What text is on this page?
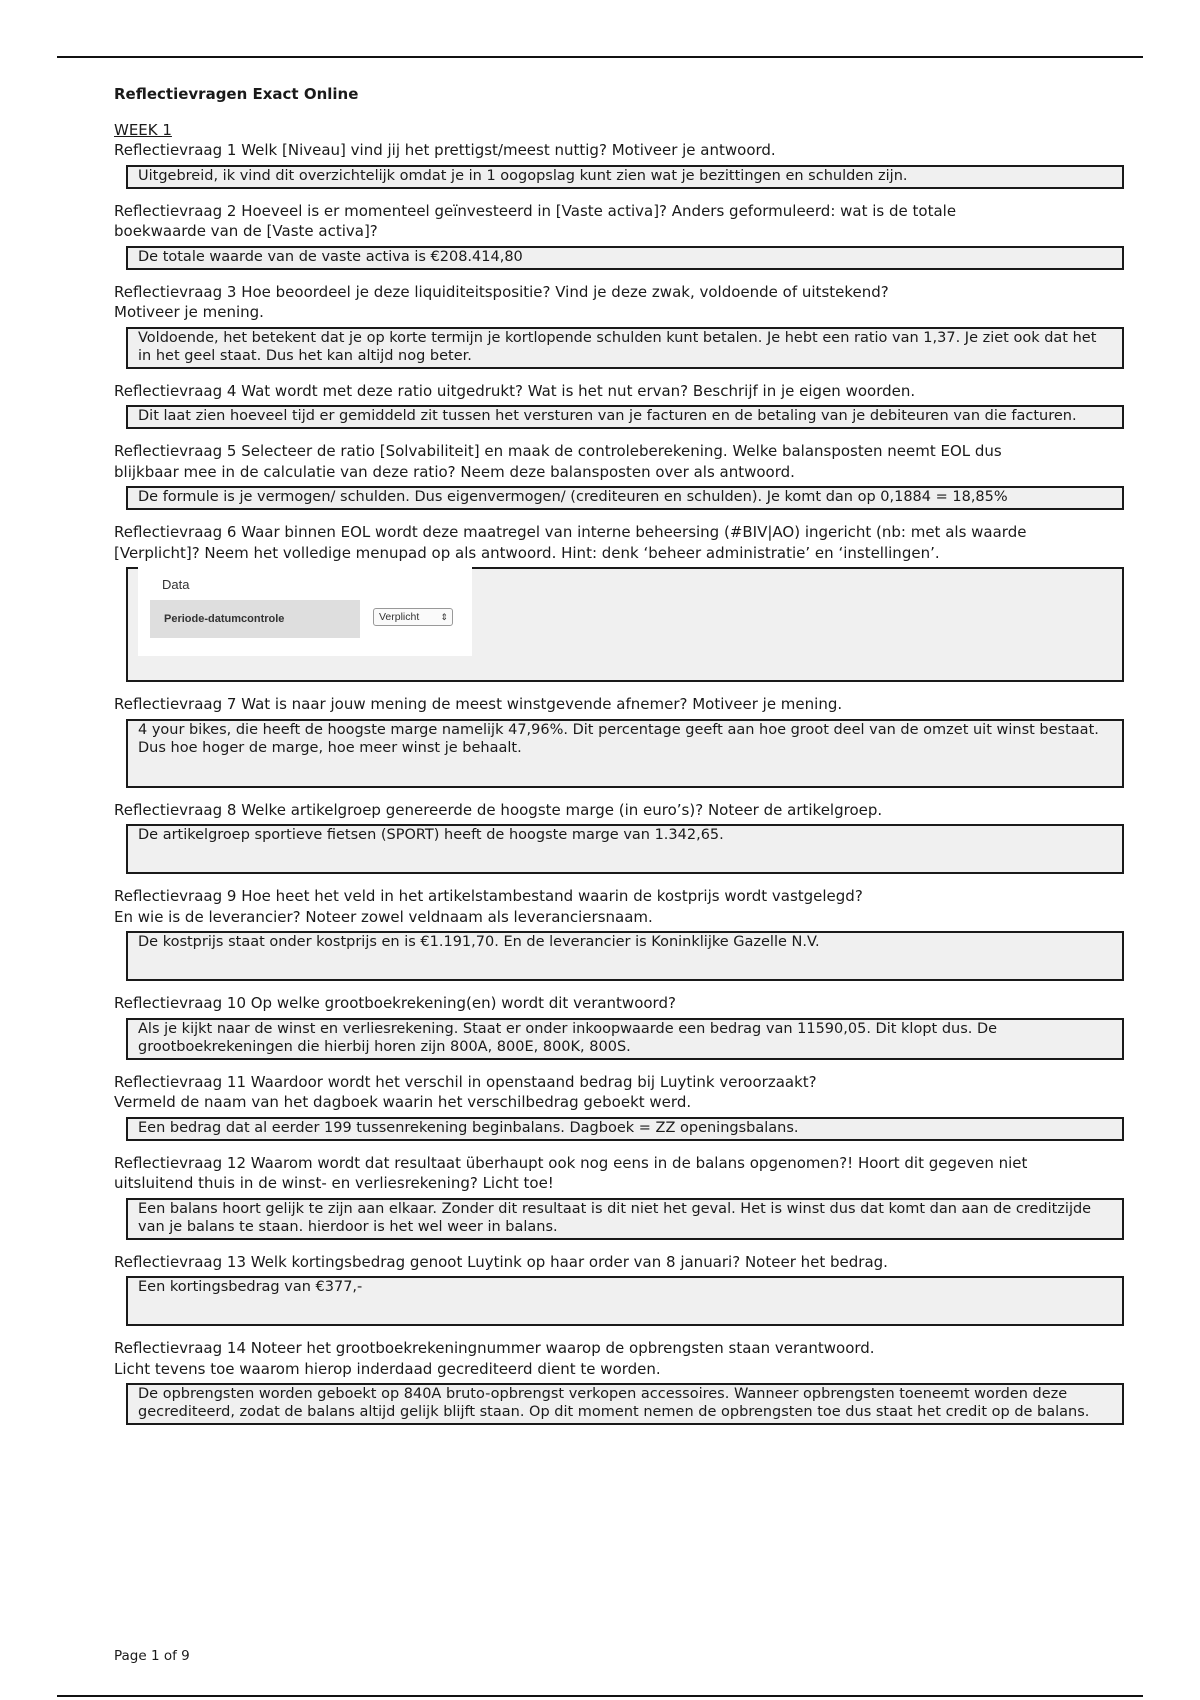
Reflectievragen Exact Online
WEEK 1
Reflectievraag 1 Welk [Niveau] vind jij het prettigst/meest nuttig? Motiveer je antwoord.
Uitgebreid, ik vind dit overzichtelijk omdat je in 1 oogopslag kunt zien wat je bezittingen en schulden zijn.
Reflectievraag 2 Hoeveel is er momenteel geïnvesteerd in [Vaste activa]? Anders geformuleerd: wat is de totale
boekwaarde van de [Vaste activa]?
De totale waarde van de vaste activa is €208.414,80
Reflectievraag 3 Hoe beoordeel je deze liquiditeitspositie? Vind je deze zwak, voldoende of uitstekend?
Motiveer je mening.
Voldoende, het betekent dat je op korte termijn je kortlopende schulden kunt betalen. Je hebt een ratio van 1,37. Je ziet ook dat het in het geel staat. Dus het kan altijd nog beter.
Reflectievraag 4 Wat wordt met deze ratio uitgedrukt? Wat is het nut ervan? Beschrijf in je eigen woorden.
Dit laat zien hoeveel tijd er gemiddeld zit tussen het versturen van je facturen en de betaling van je debiteuren van die facturen.
Reflectievraag 5 Selecteer de ratio [Solvabiliteit] en maak de controleberekening. Welke balansposten neemt EOL dus
blijkbaar mee in de calculatie van deze ratio? Neem deze balansposten over als antwoord.
De formule is je vermogen/ schulden. Dus eigenvermogen/ (crediteuren en schulden). Je komt dan op 0,1884 = 18,85%
Reflectievraag 6 Waar binnen EOL wordt deze maatregel van interne beheersing (#BIV|AO) ingericht (nb: met als waarde
[Verplicht]? Neem het volledige menupad op als antwoord. Hint: denk ‘beheer administratie’ en ‘instellingen’.
Data
Periode-datumcontrole	Verplicht ⇕
Reflectievraag 7 Wat is naar jouw mening de meest winstgevende afnemer? Motiveer je mening.
4 your bikes, die heeft de hoogste marge namelijk 47,96%. Dit percentage geeft aan hoe groot deel van de omzet uit winst bestaat. Dus hoe hoger de marge, hoe meer winst je behaalt.
Reflectievraag 8 Welke artikelgroep genereerde de hoogste marge (in euro’s)? Noteer de artikelgroep.
De artikelgroep sportieve fietsen (SPORT) heeft de hoogste marge van 1.342,65.
Reflectievraag 9 Hoe heet het veld in het artikelstambestand waarin de kostprijs wordt vastgelegd?
En wie is de leverancier? Noteer zowel veldnaam als leveranciersnaam.
De kostprijs staat onder kostprijs en is €1.191,70. En de leverancier is Koninklijke Gazelle N.V.
Reflectievraag 10 Op welke grootboekrekening(en) wordt dit verantwoord?
Als je kijkt naar de winst en verliesrekening. Staat er onder inkoopwaarde een bedrag van 11590,05. Dit klopt dus. De grootboekrekeningen die hierbij horen zijn 800A, 800E, 800K, 800S.
Reflectievraag 11 Waardoor wordt het verschil in openstaand bedrag bij Luytink veroorzaakt?
Vermeld de naam van het dagboek waarin het verschilbedrag geboekt werd.
Een bedrag dat al eerder 199 tussenrekening beginbalans. Dagboek = ZZ openingsbalans.
Reflectievraag 12 Waarom wordt dat resultaat überhaupt ook nog eens in de balans opgenomen?! Hoort dit gegeven niet
uitsluitend thuis in de winst- en verliesrekening? Licht toe!
Een balans hoort gelijk te zijn aan elkaar. Zonder dit resultaat is dit niet het geval. Het is winst dus dat komt dan aan de creditzijde van je balans te staan. hierdoor is het wel weer in balans.
Reflectievraag 13 Welk kortingsbedrag genoot Luytink op haar order van 8 januari? Noteer het bedrag.
Een kortingsbedrag van €377,-
Reflectievraag 14 Noteer het grootboekrekeningnummer waarop de opbrengsten staan verantwoord.
Licht tevens toe waarom hierop inderdaad gecrediteerd dient te worden.
De opbrengsten worden geboekt op 840A bruto-opbrengst verkopen accessoires. Wanneer opbrengsten toeneemt worden deze gecrediteerd, zodat de balans altijd gelijk blijft staan. Op dit moment nemen de opbrengsten toe dus staat het credit op de balans.
Page 1 of 9
